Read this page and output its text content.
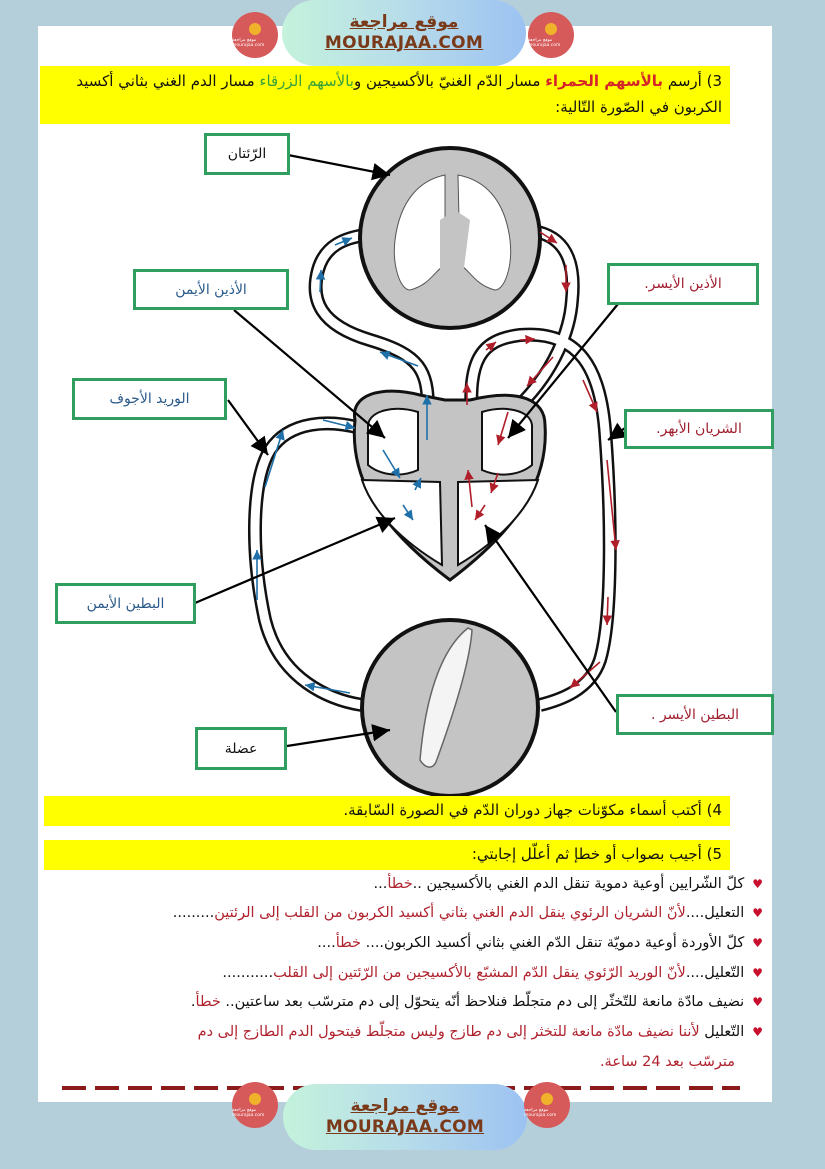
موقع مراجعة mourajaa.com
موقع مراجعة
MOURAJAA.COM	موقع مراجعة mourajaa.com
3) أرسم بالأسهم الحمراء مسار الدّم الغنيّ بالأكسيجين وبالأسهم الزرقاء مسار الدم الغني بثاني أكسيد الكربون في الصّورة التّالية:
الرّئتان
الأذين الأيمن
الوريد الأجوف
الأذين الأيسر.
الشريان الأبهر.
البطين الأيمن
البطين الأيسر .
عضلة
4) أكتب أسماء مكوّنات جهاز دوران الدّم في الصورة السّابقة.
5) أجيب بصواب أو خطإ ثم أعلّل إجابتي:
♥كلّ الشّرايين أوعية دموية تنقل الدم الغني بالأكسيجين ..خطأ...
♥التعليل....لأنّ الشريان الرئوي ينقل الدم الغني بثاني أكسيد الكربون من القلب إلى الرئتين.........
♥كلّ الأوردة أوعية دمويّة تنقل الدّم الغني بثاني أكسيد الكربون.... خطأ....
♥التّعليل....لأنّ الوريد الرّئوي ينقل الدّم المشبّع بالأكسيجين من الرّئتين إلى القلب...........
♥نضيف مادّة مانعة للتّخثّر إلى دم متجلّط فنلاحظ أنّه يتحوّل إلى دم مترسّب بعد ساعتين.. خطأ.
♥التّعليل لأننا نضيف مادّة مانعة للتخثر إلى دم طازج وليس متجلّط فيتحول الدم الطازج إلى دم
مترسّب بعد 24 ساعة.
موقع مراجعة mourajaa.com	موقع مراجعة
MOURAJAA.COM
موقع مراجعة mourajaa.com
